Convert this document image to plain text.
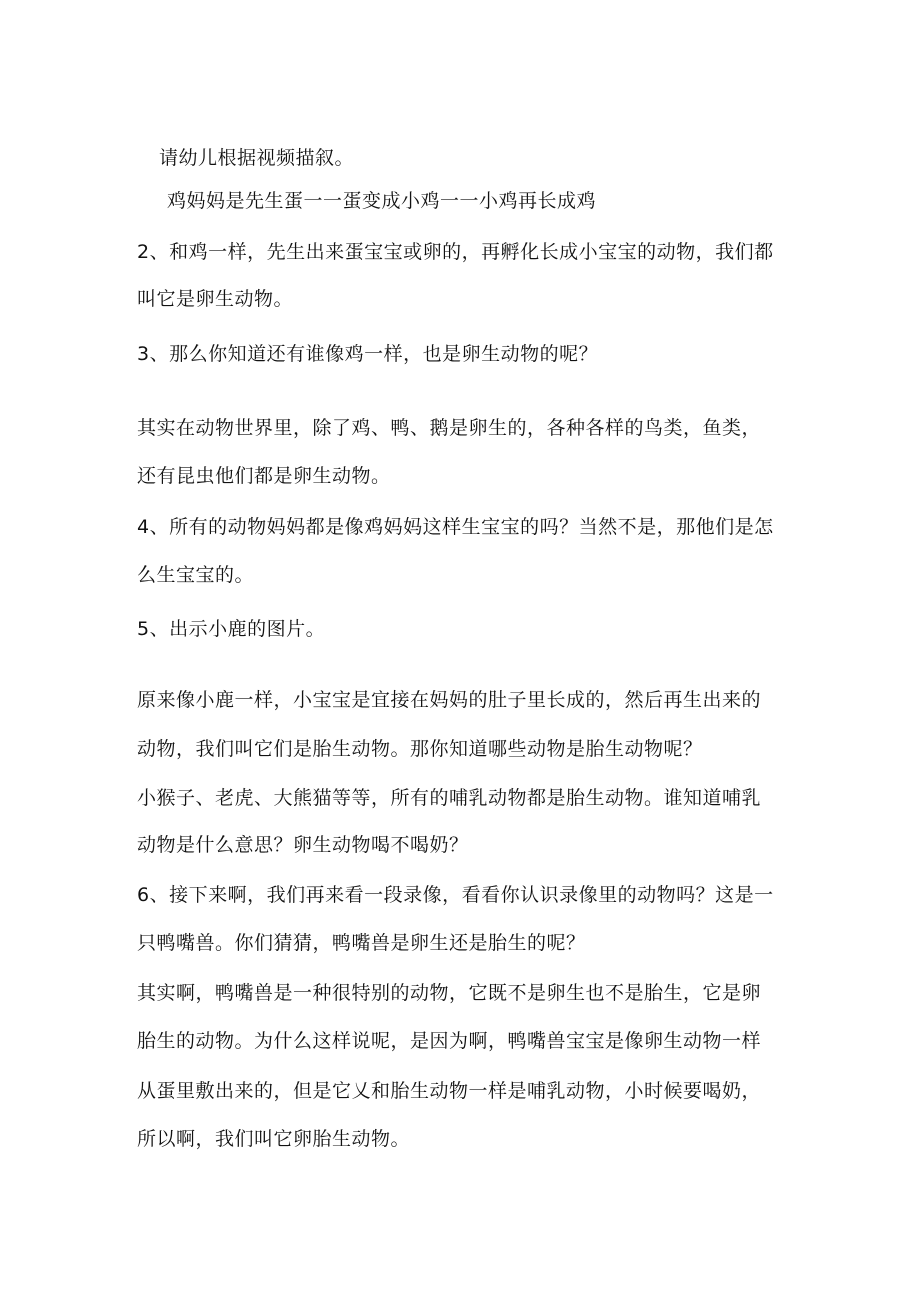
请幼儿根据视频描叙。
鸡妈妈是先生蛋一一蛋变成小鸡一一小鸡再长成鸡
2、和鸡一样，先生出来蛋宝宝或卵的，再孵化长成小宝宝的动物，我们都
叫它是卵生动物。
3、那么你知道还有谁像鸡一样，也是卵生动物的呢？
其实在动物世界里，除了鸡、鸭、鹅是卵生的，各种各样的鸟类，鱼类，
还有昆虫他们都是卵生动物。
4、所有的动物妈妈都是像鸡妈妈这样生宝宝的吗？当然不是，那他们是怎
么生宝宝的。
5、出示小鹿的图片。
原来像小鹿一样，小宝宝是宜接在妈妈的肚子里长成的，然后再生出来的
动物，我们叫它们是胎生动物。那你知道哪些动物是胎生动物呢？
小猴子、老虎、大熊猫等等，所有的哺乳动物都是胎生动物。谁知道哺乳
动物是什么意思？卵生动物喝不喝奶？
6、接下来啊，我们再来看一段录像，看看你认识录像里的动物吗？这是一
只鸭嘴兽。你们猜猜，鸭嘴兽是卵生还是胎生的呢？
其实啊，鸭嘴兽是一种很特别的动物，它既不是卵生也不是胎生，它是卵
胎生的动物。为什么这样说呢，是因为啊，鸭嘴兽宝宝是像卵生动物一样
从蛋里敷出来的，但是它乂和胎生动物一样是哺乳动物，小时候要喝奶，
所以啊，我们叫它卵胎生动物。
